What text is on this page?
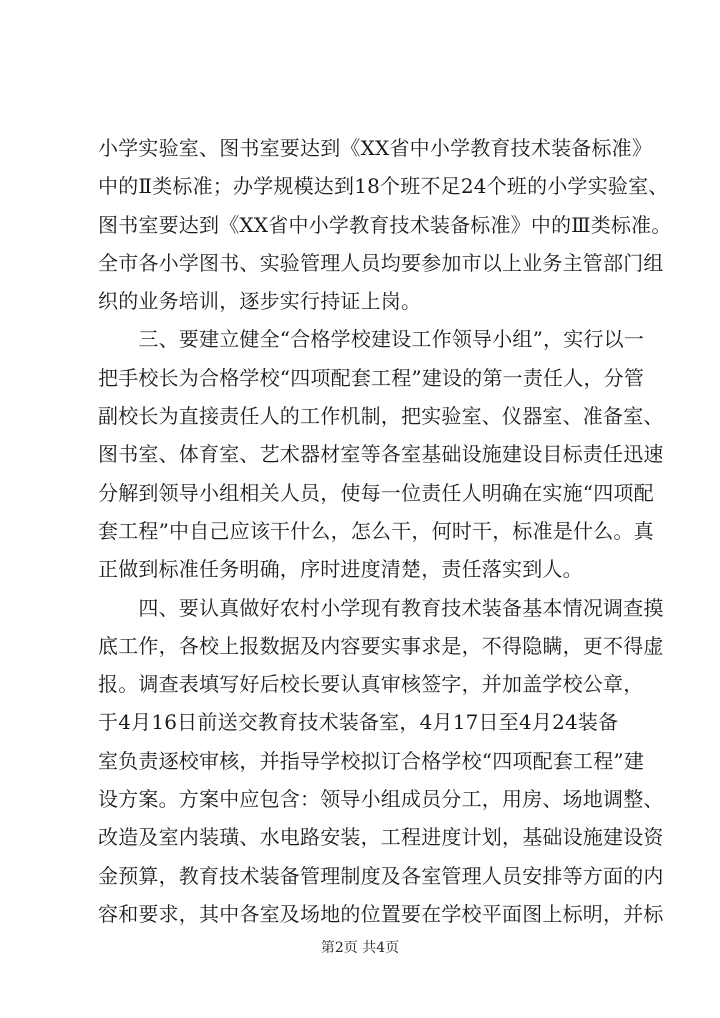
小学实验室、图书室要达到《XX省中小学教育技术装备标准》
中的Ⅱ类标准；办学规模达到18个班不足24个班的小学实验室、
图书室要达到《XX省中小学教育技术装备标准》中的Ⅲ类标准。
全市各小学图书、实验管理人员均要参加市以上业务主管部门组
织的业务培训，逐步实行持证上岗。
　　三、要建立健全“合格学校建设工作领导小组”，实行以一
把手校长为合格学校“四项配套工程”建设的第一责任人，分管
副校长为直接责任人的工作机制，把实验室、仪器室、准备室、
图书室、体育室、艺术器材室等各室基础设施建设目标责任迅速
分解到领导小组相关人员，使每一位责任人明确在实施“四项配
套工程”中自己应该干什么，怎么干，何时干，标准是什么。真
正做到标准任务明确，序时进度清楚，责任落实到人。
　　四、要认真做好农村小学现有教育技术装备基本情况调查摸
底工作，各校上报数据及内容要实事求是，不得隐瞒，更不得虚
报。调查表填写好后校长要认真审核签字，并加盖学校公章，
于4月16日前送交教育技术装备室，4月17日至4月24装备
室负责逐校审核，并指导学校拟订合格学校“四项配套工程”建
设方案。方案中应包含：领导小组成员分工，用房、场地调整、
改造及室内装璜、水电路安装，工程进度计划，基础设施建设资
金预算，教育技术装备管理制度及各室管理人员安排等方面的内
容和要求，其中各室及场地的位置要在学校平面图上标明，并标
第2页 共4页
